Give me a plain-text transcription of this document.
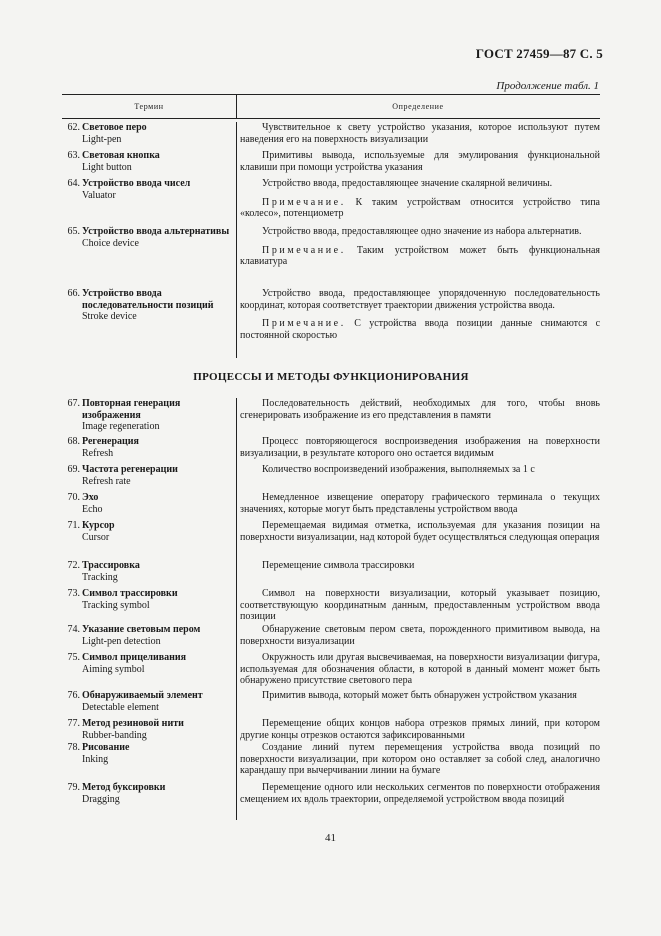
ГОСТ 27459—87 С. 5
Продолжение табл. 1
Термин	Определение
62. Световое перо
Light-pen
Чувствительное к свету устройство указания, которое используют путем наведения его на поверхность визуализации
63. Световая кнопка
Light button
Примитивы вывода, используемые для эмулирования функциональной клавиши при помощи устройства указания
64. Устройство ввода чисел
Valuator

Устройство ввода, предоставляющее значение скалярной величины.

Примечание. К таким устройствам относится устройство типа «колесо», потенциометр

65. Устройство ввода альтернативы
Choice device

Устройство ввода, предоставляющее одно значение из набора альтернатив.

Примечание. Таким устройством может быть функциональная клавиатура

66. Устройство ввода последовательности позиций
Stroke device

Устройство ввода, предоставляющее упорядоченную последовательность координат, которая соответствует траектории движения устройства ввода.

Примечание. С устройства ввода позиции данные снимаются с постоянной скоростью

ПРОЦЕССЫ И МЕТОДЫ ФУНКЦИОНИРОВАНИЯ
67. Повторная генерация изображения
Image regeneration
Последовательность действий, необходимых для того, чтобы вновь сгенерировать изображение из его представления в памяти
68. Регенерация
Refresh
Процесс повторяющегося воспроизведения изображения на поверхности визуализации, в результате которого оно остается видимым
69. Частота регенерации
Refresh rate
Количество воспроизведений изображения, выполняемых за 1 с
70. Эхо
Echo
Немедленное извещение оператору графического терминала о текущих значениях, которые могут быть представлены устройством ввода
71. Курсор
Cursor
Перемещаемая видимая отметка, используемая для указания позиции на поверхности визуализации, над которой будет осуществляться следующая операция
72. Трассировка
Tracking
Перемещение символа трассировки
73. Символ трассировки
Tracking symbol
Символ на поверхности визуализации, который указывает позицию, соответствующую координатным данным, предоставленным устройством ввода позиции
74. Указание световым пером
Light-pen detection
Обнаружение световым пером света, порожденного примитивом вывода, на поверхности визуализации
75. Символ прицеливания
Aiming symbol
Окружность или другая высвечиваемая, на поверхности визуализации фигура, используемая для обозначения области, в которой в данный момент может быть обнаружено присутствие светового пера
76. Обнаруживаемый элемент
Detectable element
Примитив вывода, который может быть обнаружен устройством указания
77. Метод резиновой нити
Rubber-banding
Перемещение общих концов набора отрезков прямых линий, при котором другие концы отрезков остаются зафиксированными
78. Рисование
Inking
Создание линий путем перемещения устройства ввода позиций по поверхности визуализации, при котором оно оставляет за собой след, аналогично карандашу при вычерчивании линии на бумаге
79. Метод буксировки
Dragging
Перемещение одного или нескольких сегментов по поверхности отображения смещением их вдоль траектории, определяемой устройством ввода позиций
41
